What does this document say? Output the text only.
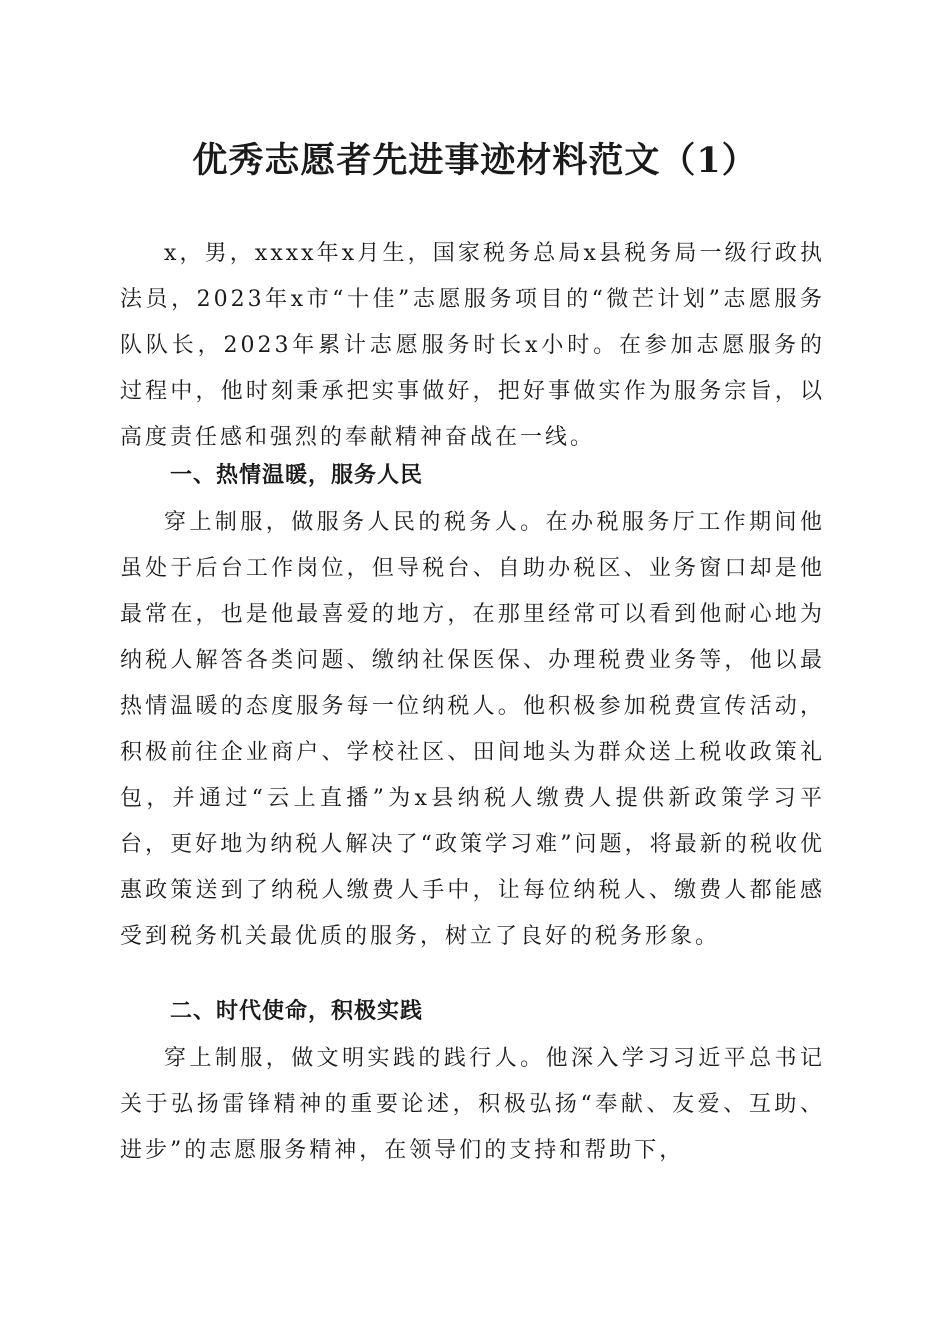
优秀志愿者先进事迹材料范文（1）

x，男，xxxx年x月生，国家税务总局x县税务局一级行政执法员，2023年x市“十佳”志愿服务项目的“微芒计划”志愿服务队队长，2023年累计志愿服务时长x小时。在参加志愿服务的过程中，他时刻秉承把实事做好，把好事做实作为服务宗旨，以高度责任感和强烈的奉献精神奋战在一线。

一、热情温暖，服务人民

穿上制服，做服务人民的税务人。在办税服务厅工作期间他虽处于后台工作岗位，但导税台、自助办税区、业务窗口却是他最常在，也是他最喜爱的地方，在那里经常可以看到他耐心地为纳税人解答各类问题、缴纳社保医保、办理税费业务等，他以最热情温暖的态度服务每一位纳税人。他积极参加税费宣传活动，积极前往企业商户、学校社区、田间地头为群众送上税收政策礼包，并通过“云上直播”为x县纳税人缴费人提供新政策学习平台，更好地为纳税人解决了“政策学习难”问题，将最新的税收优惠政策送到了纳税人缴费人手中，让每位纳税人、缴费人都能感受到税务机关最优质的服务，树立了良好的税务形象。

二、时代使命，积极实践

穿上制服，做文明实践的践行人。他深入学习习近平总书记关于弘扬雷锋精神的重要论述，积极弘扬“奉献、友爱、互助、进步”的志愿服务精神，在领导们的支持和帮助下，
